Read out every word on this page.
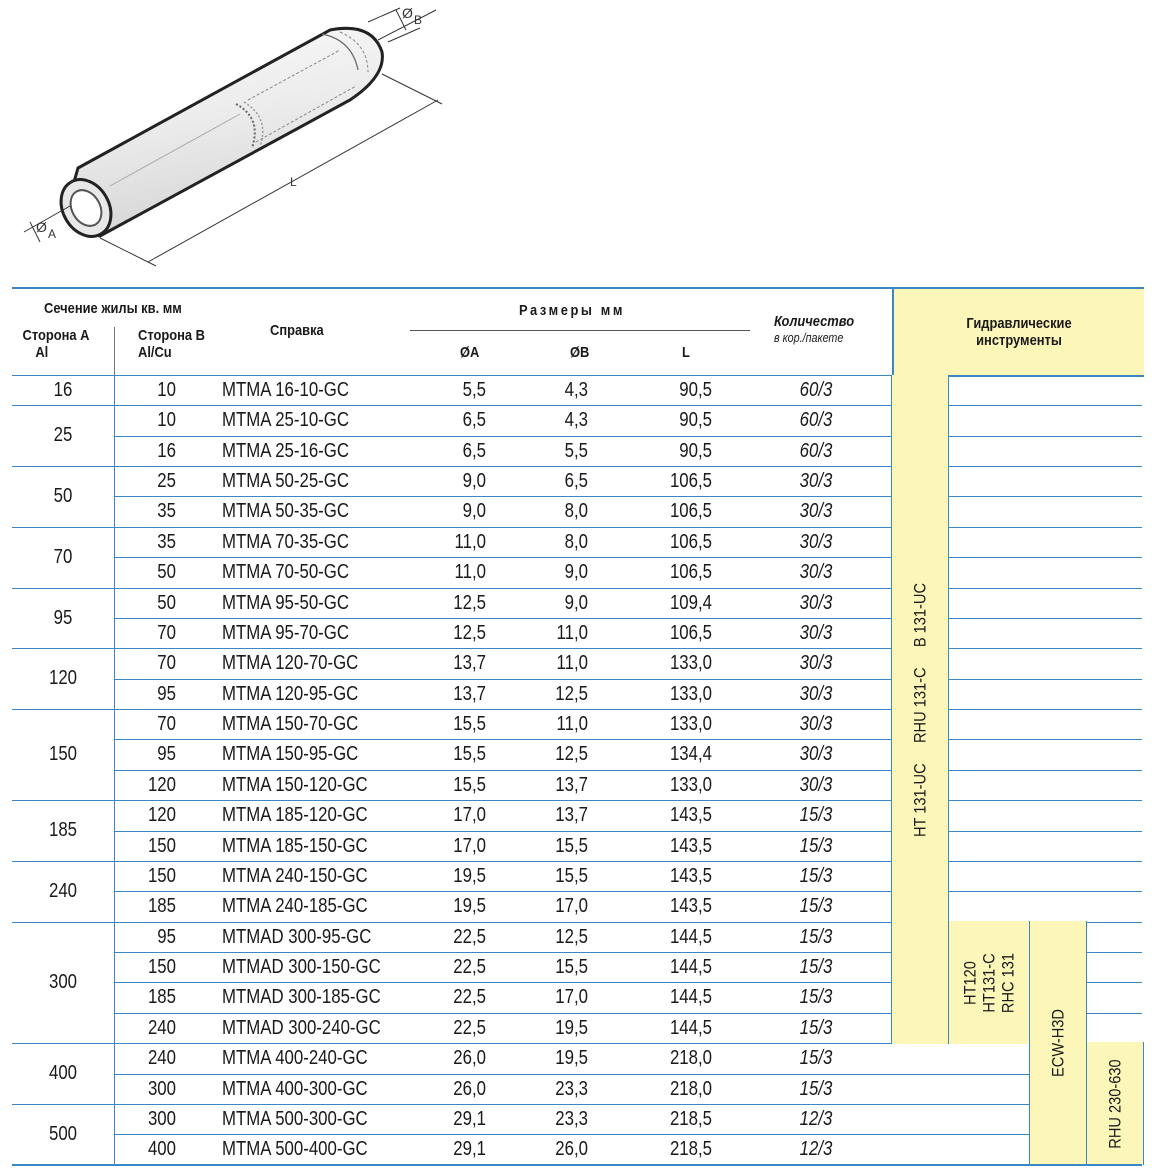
Ø B
L
Ø A
Сечение жилы кв. мм
Сторона A
Al
Сторона B
Al/Cu
Справка
Размеры мм
ØA	ØB	L
Количество
в кор./пакете
Гидравлические
инструменты
16	10 MTMA 16-10-GC	5,5	4,3	90,5	60/3
25
10 MTMA 25-10-GC	6,5	4,3	90,5	60/3
16 MTMA 25-16-GC	6,5	5,5	90,5	60/3
50
25 MTMA 50-25-GC	9,0	6,5	106,5	30/3
35 MTMA 50-35-GC	9,0	8,0	106,5	30/3
70
35 MTMA 70-35-GC	11,0	8,0	106,5	30/3
50 MTMA 70-50-GC	11,0	9,0	106,5	30/3
95
50 MTMA 95-50-GC	12,5	9,0	109,4	30/3
70 MTMA 95-70-GC	12,5	11,0	106,5	30/3
120
70 MTMA 120-70-GC	13,7	11,0	133,0	30/3
95 MTMA 120-95-GC	13,7	12,5	133,0	30/3
150
70 MTMA 150-70-GC	15,5	11,0	133,0	30/3
95 MTMA 150-95-GC	15,5	12,5	134,4	30/3
120 MTMA 150-120-GC	15,5	13,7	133,0	30/3
185
120 MTMA 185-120-GC	17,0	13,7	143,5	15/3
150 MTMA 185-150-GC	17,0	15,5	143,5	15/3
240
150 MTMA 240-150-GC	19,5	15,5	143,5	15/3
185 MTMA 240-185-GC	19,5	17,0	143,5	15/3
300
95 MTMAD 300-95-GC	22,5	12,5	144,5	15/3
150 MTMAD 300-150-GC	22,5	15,5	144,5	15/3
185 MTMAD 300-185-GC	22,5	17,0	144,5	15/3
240 MTMAD 300-240-GC	22,5	19,5	144,5	15/3
400
240 MTMA 400-240-GC	26,0	19,5	218,0	15/3
300 MTMA 400-300-GC	26,0	23,3	218,0	15/3
500
300 MTMA 500-300-GC	29,1	23,3	218,5	12/3
400 MTMA 500-400-GC	29,1	26,0	218,5	12/3
HT 131-UC     RHU 131-C     B 131-UC
HT120 HT131-C RHC 131
ECW-H3D
RHU 230-630
